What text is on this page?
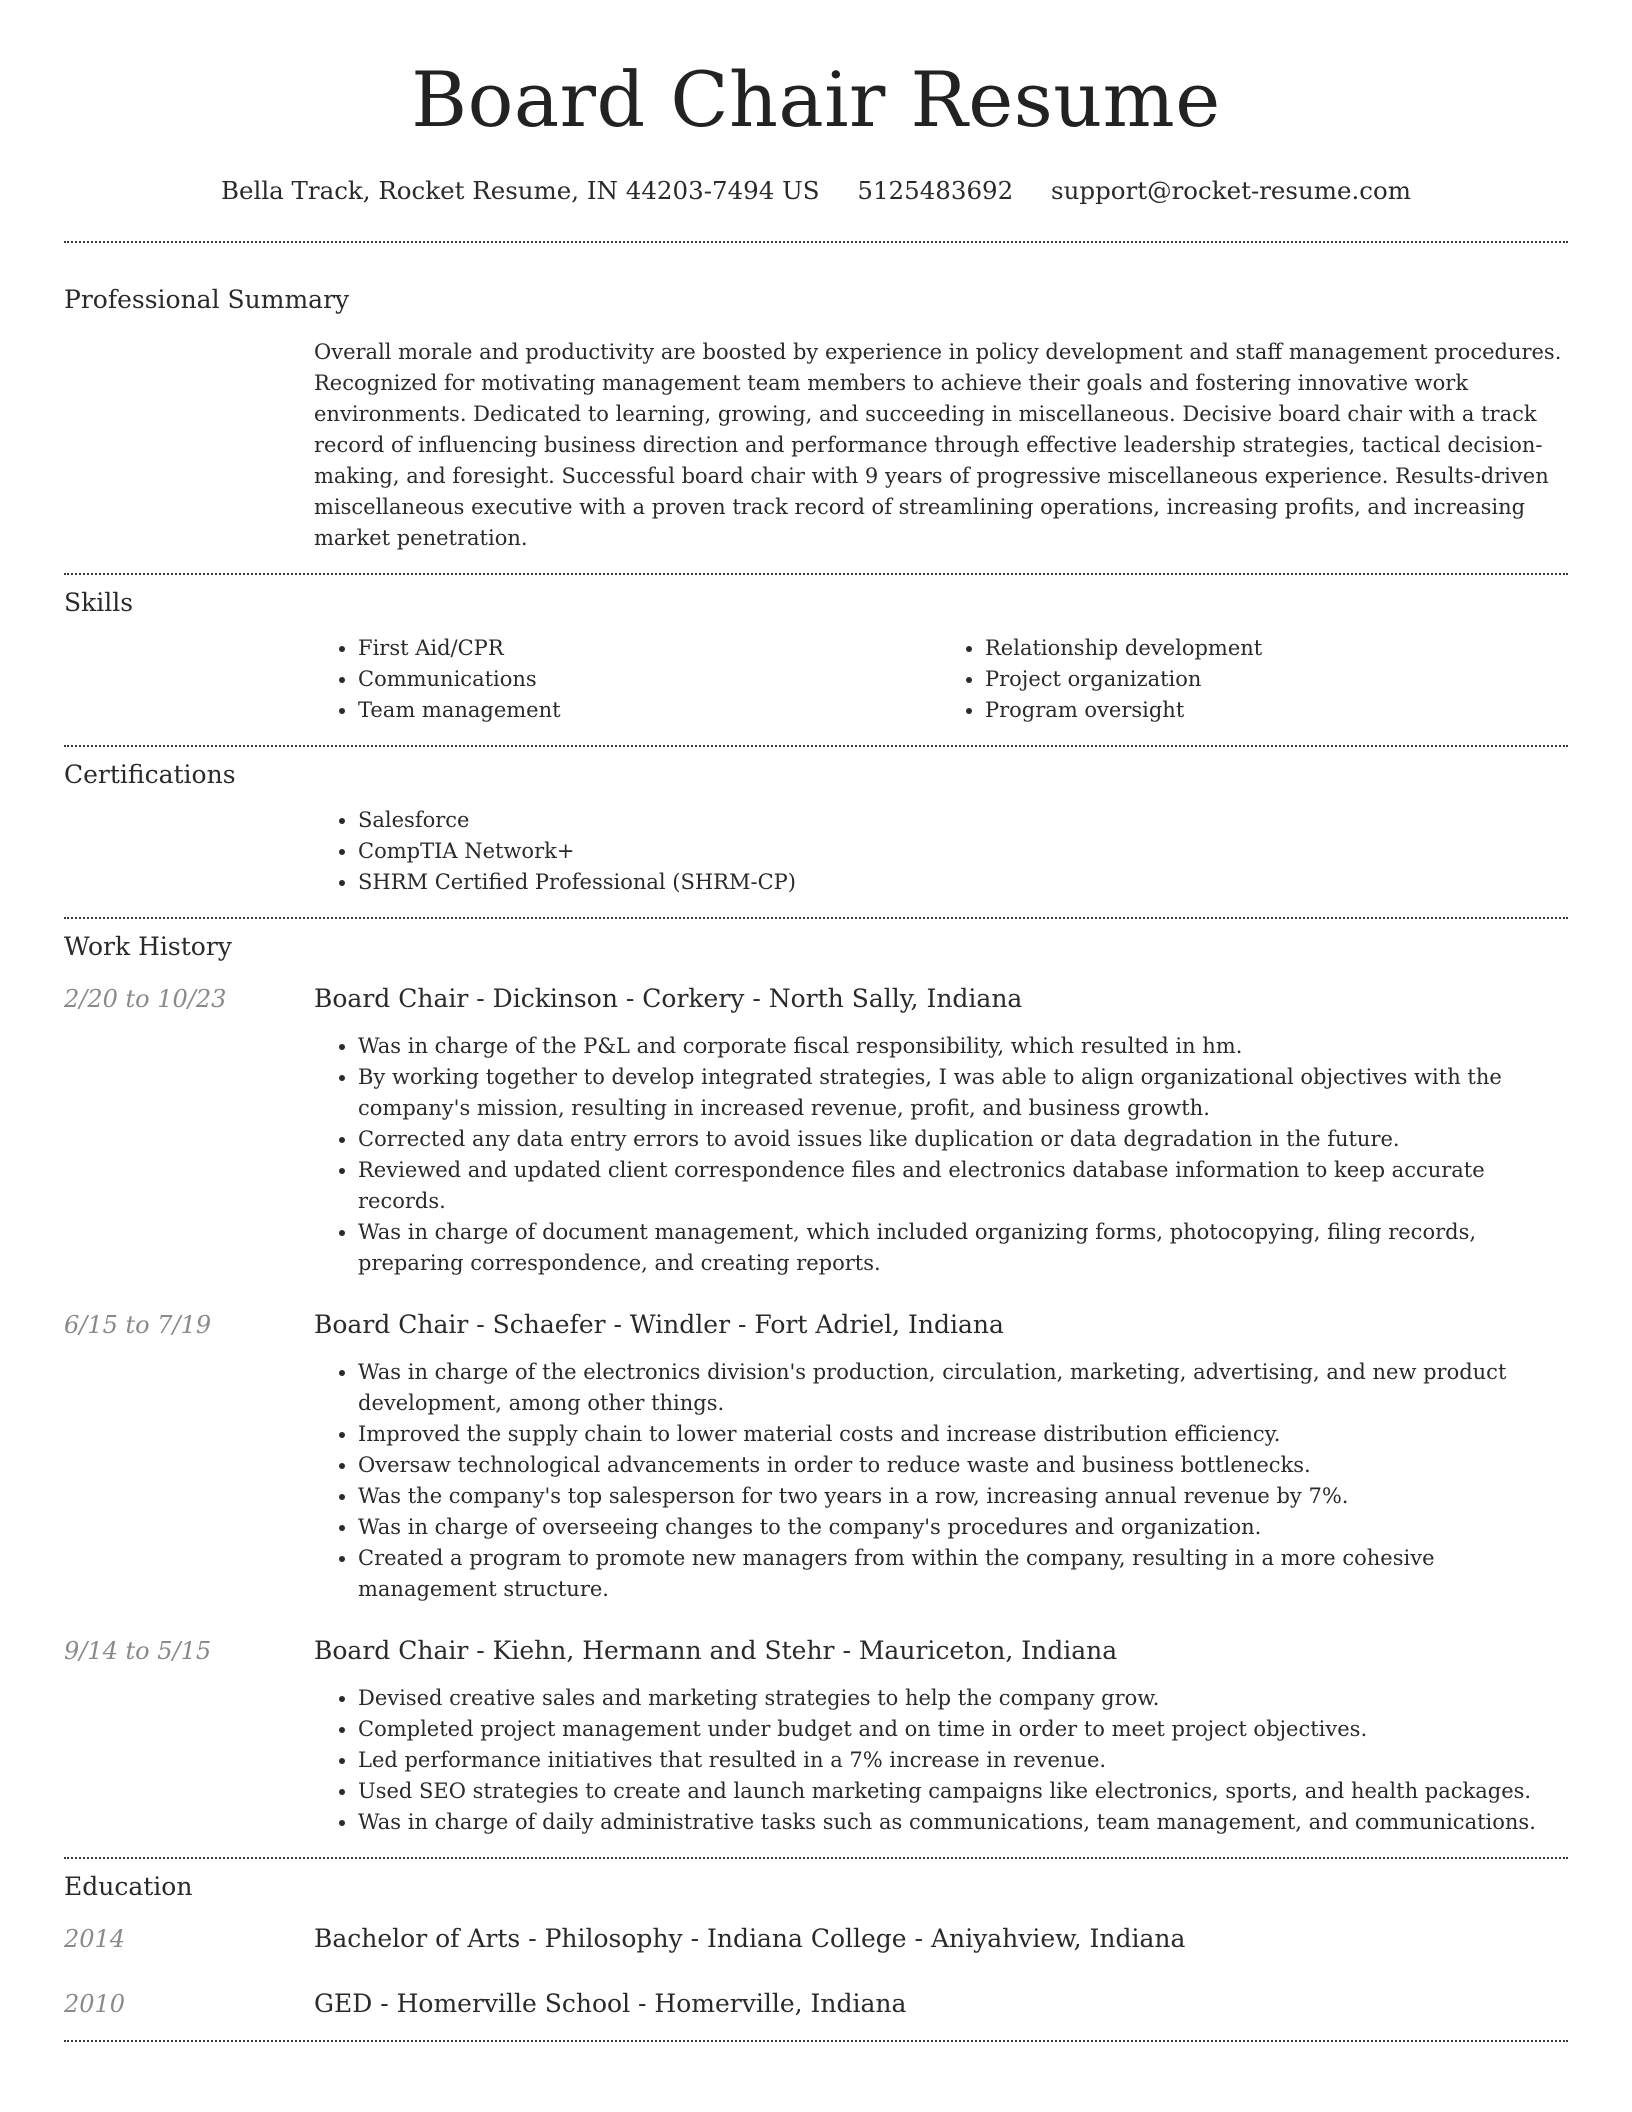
Board Chair Resume
Bella Track, Rocket Resume, IN 44203-7494 US 5125483692 support@rocket-resume.com
Professional Summary
Overall morale and productivity are boosted by experience in policy development and staff management procedures. Recognized for motivating management team members to achieve their goals and fostering innovative work environments. Dedicated to learning, growing, and succeeding in miscellaneous. Decisive board chair with a track record of influencing business direction and performance through effective leadership strategies, tactical decision-making, and foresight. Successful board chair with 9 years of progressive miscellaneous experience. Results-driven miscellaneous executive with a proven track record of streamlining operations, increasing profits, and increasing market penetration.
Skills
• First Aid/CPR
• Communications
• Team management
• Relationship development
• Project organization
• Program oversight
Certifications
• Salesforce
• CompTIA Network+
• SHRM Certified Professional (SHRM-CP)
Work History
2/20 to 10/23	Board Chair - Dickinson - Corkery - North Sally, Indiana
• Was in charge of the P&L and corporate fiscal responsibility, which resulted in hm.
• By working together to develop integrated strategies, I was able to align organizational objectives with the company's mission, resulting in increased revenue, profit, and business growth.
• Corrected any data entry errors to avoid issues like duplication or data degradation in the future.
• Reviewed and updated client correspondence files and electronics database information to keep accurate records.
• Was in charge of document management, which included organizing forms, photocopying, filing records, preparing correspondence, and creating reports.
6/15 to 7/19	Board Chair - Schaefer - Windler - Fort Adriel, Indiana
• Was in charge of the electronics division's production, circulation, marketing, advertising, and new product development, among other things.
• Improved the supply chain to lower material costs and increase distribution efficiency.
• Oversaw technological advancements in order to reduce waste and business bottlenecks.
• Was the company's top salesperson for two years in a row, increasing annual revenue by 7%.
• Was in charge of overseeing changes to the company's procedures and organization.
• Created a program to promote new managers from within the company, resulting in a more cohesive management structure.
9/14 to 5/15	Board Chair - Kiehn, Hermann and Stehr - Mauriceton, Indiana
• Devised creative sales and marketing strategies to help the company grow.
• Completed project management under budget and on time in order to meet project objectives.
• Led performance initiatives that resulted in a 7% increase in revenue.
• Used SEO strategies to create and launch marketing campaigns like electronics, sports, and health packages.
• Was in charge of daily administrative tasks such as communications, team management, and communications.
Education
2014	Bachelor of Arts - Philosophy - Indiana College - Aniyahview, Indiana
2010	GED - Homerville School - Homerville, Indiana
